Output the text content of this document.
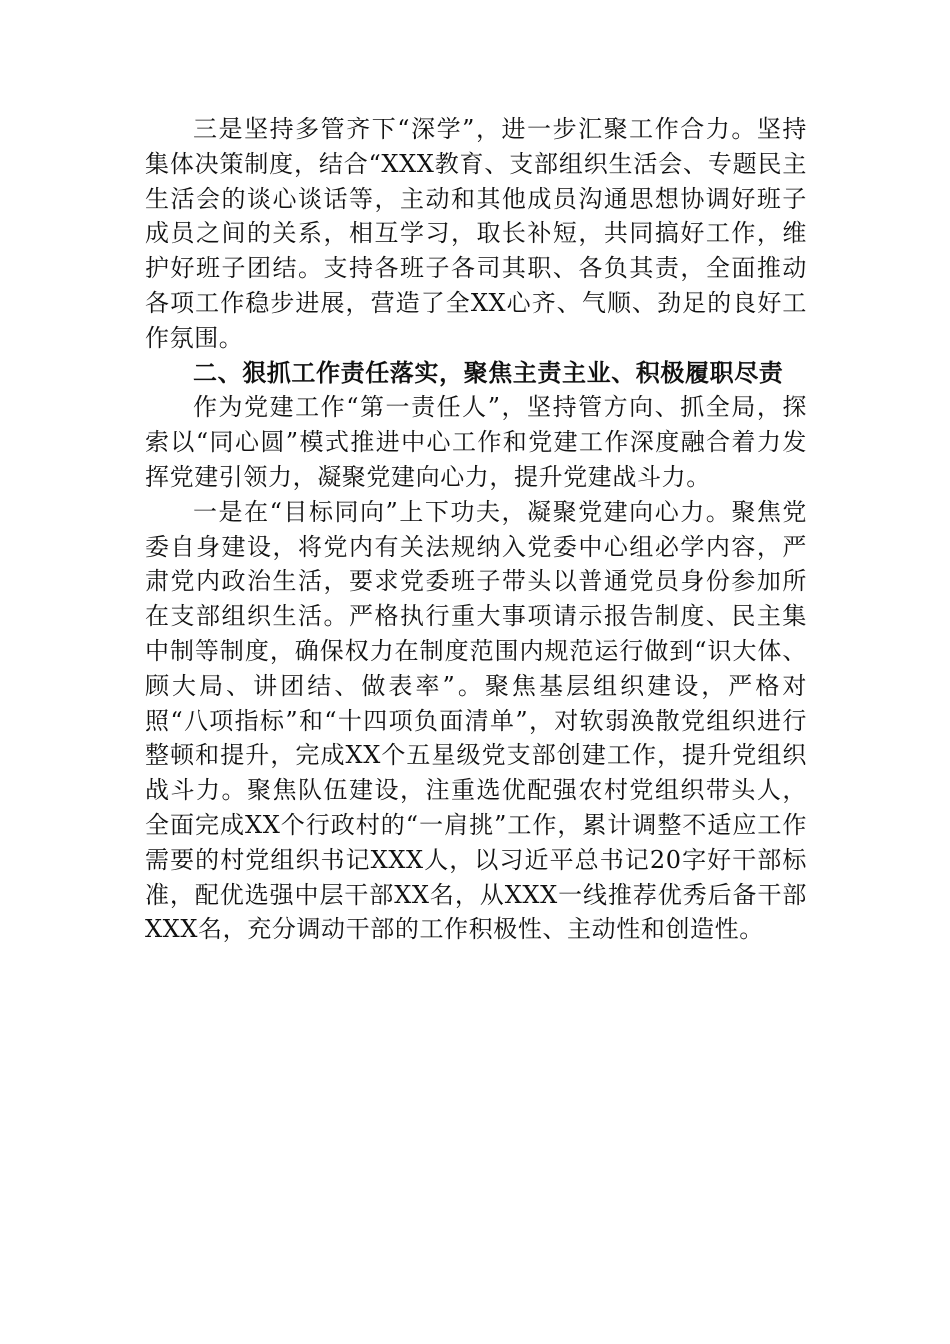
三是坚持多管齐下“深学”，进一步汇聚工作合力。坚持集体决策制度，结合“XXX教育、支部组织生活会、专题民主生活会的谈心谈话等，主动和其他成员沟通思想协调好班子成员之间的关系，相互学习，取长补短，共同搞好工作，维护好班子团结。支持各班子各司其职、各负其责，全面推动各项工作稳步进展，营造了全XX心齐、气顺、劲足的良好工作氛围。

二、狠抓工作责任落实，聚焦主责主业、积极履职尽责

作为党建工作“第一责任人”，坚持管方向、抓全局，探索以“同心圆”模式推进中心工作和党建工作深度融合着力发挥党建引领力，凝聚党建向心力，提升党建战斗力。

一是在“目标同向”上下功夫，凝聚党建向心力。聚焦党委自身建设，将党内有关法规纳入党委中心组必学内容，严肃党内政治生活，要求党委班子带头以普通党员身份参加所在支部组织生活。严格执行重大事项请示报告制度、民主集中制等制度，确保权力在制度范围内规范运行做到“识大体、顾大局、讲团结、做表率”。聚焦基层组织建设，严格对照“八项指标”和“十四项负面清单”，对软弱涣散党组织进行整顿和提升，完成XX个五星级党支部创建工作，提升党组织战斗力。聚焦队伍建设，注重选优配强农村党组织带头人，全面完成XX个行政村的“一肩挑”工作，累计调整不适应工作需要的村党组织书记XXX人，以习近平总书记20字好干部标准，配优选强中层干部XX名，从XXX一线推荐优秀后备干部XXX名，充分调动干部的工作积极性、主动性和创造性。
